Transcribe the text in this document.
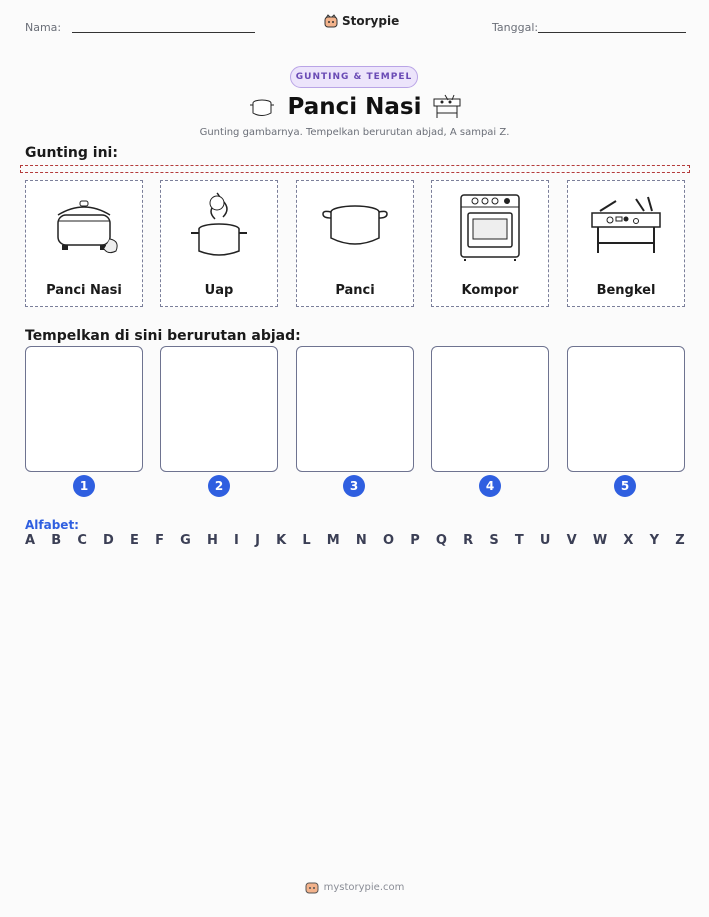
Nama:	Storypie	Tanggal:
GUNTING & TEMPEL
Panci Nasi
Gunting gambarnya. Tempelkan berurutan abjad, A sampai Z.
Gunting ini:
Panci Nasi	Uap	Panci	Kompor	Bengkel
Tempelkan di sini berurutan abjad:
1	2	3	4	5
Alfabet:
A B C D E F G H I J K L M N O P Q R S T U V W X Y Z
mystorypie.com
